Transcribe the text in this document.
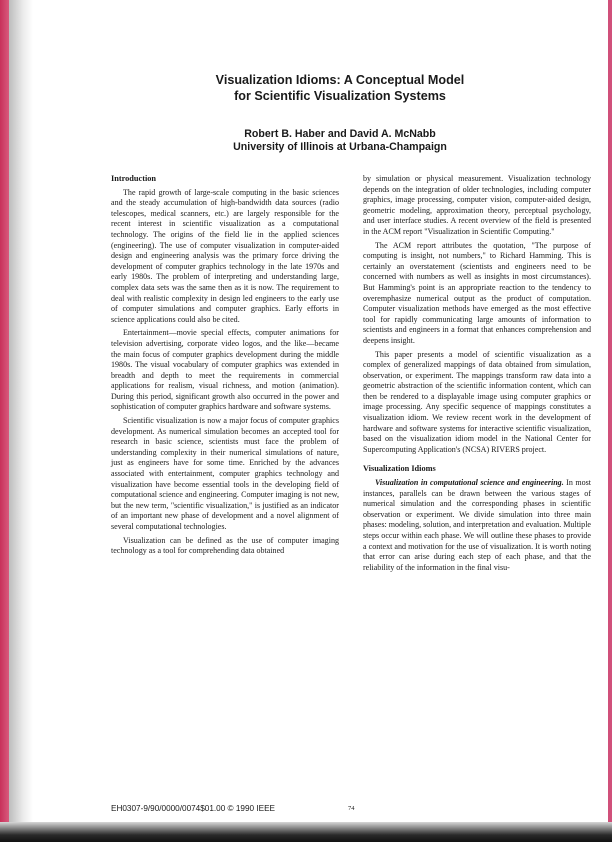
Visualization Idioms: A Conceptual Model

for Scientific Visualization Systems

Robert B. Haber and David A. McNabb

University of Illinois at Urbana-Champaign

Introduction

The rapid growth of large-scale computing in the basic sciences and the steady accumulation of high-bandwidth data sources (radio telescopes, medical scanners, etc.) are largely responsible for the recent interest in scientific visualization as a computational technology. The origins of the field lie in the applied sciences (engineering). The use of computer visualization in computer-aided design and engineering analysis was the primary force driving the development of computer graphics technology in the late 1970s and early 1980s. The problem of interpreting and understanding large, complex data sets was the same then as it is now. The requirement to deal with realistic complexity in design led engineers to the early use of computer simulations and computer graphics. Early efforts in science applications could also be cited.

Entertainment—movie special effects, computer animations for television advertising, corporate video logos, and the like—became the main focus of computer graphics development during the middle 1980s. The visual vocabulary of computer graphics was extended in breadth and depth to meet the requirements in commercial applications for realism, visual richness, and motion (animation). During this period, significant growth also occurred in the power and sophistication of computer graphics hardware and software systems.

Scientific visualization is now a major focus of computer graphics development. As numerical simulation becomes an accepted tool for research in basic science, scientists must face the problem of understanding complexity in their numerical simulations of nature, just as engineers have for some time. Enriched by the advances associated with entertainment, computer graphics technology and visualization have become essential tools in the developing field of computational science and engineering. Computer imaging is not new, but the new term, "scientific visualization," is justified as an indicator of an important new phase of development and a novel alignment of several computational technologies.

Visualization can be defined as the use of computer imaging technology as a tool for comprehending data obtained

by simulation or physical measurement. Visualization technology depends on the integration of older technologies, including computer graphics, image processing, computer vision, computer-aided design, geometric modeling, approximation theory, perceptual psychology, and user interface studies. A recent overview of the field is presented in the ACM report "Visualization in Scientific Computing."

The ACM report attributes the quotation, "The purpose of computing is insight, not numbers," to Richard Hamming. This is certainly an overstatement (scientists and engineers need to be concerned with numbers as well as insights in most circumstances). But Hamming's point is an appropriate reaction to the tendency to overemphasize numerical output as the product of computation. Computer visualization methods have emerged as the most effective tool for rapidly communicating large amounts of information to scientists and engineers in a format that enhances comprehension and deepens insight.

This paper presents a model of scientific visualization as a complex of generalized mappings of data obtained from simulation, observation, or experiment. The mappings transform raw data into a geometric abstraction of the scientific information content, which can then be rendered to a displayable image using computer graphics or image processing. Any specific sequence of mappings constitutes a visualization idiom. We review recent work in the development of hardware and software systems for interactive scientific visualization, based on the visualization idiom model in the National Center for Supercomputing Application's (NCSA) RIVERS project.

Visualization Idioms

Visualization in computational science and engineering. In most instances, parallels can be drawn between the various stages of numerical simulation and the corresponding phases in scientific observation or experiment. We divide simulation into three main phases: modeling, solution, and interpretation and evaluation. Multiple steps occur within each phase. We will outline these phases to provide a context and motivation for the use of visualization. It is worth noting that error can arise during each step of each phase, and that the reliability of the information in the final visu-

EH0307-9/90/0000/0074$01.00 © 1990 IEEE	74
